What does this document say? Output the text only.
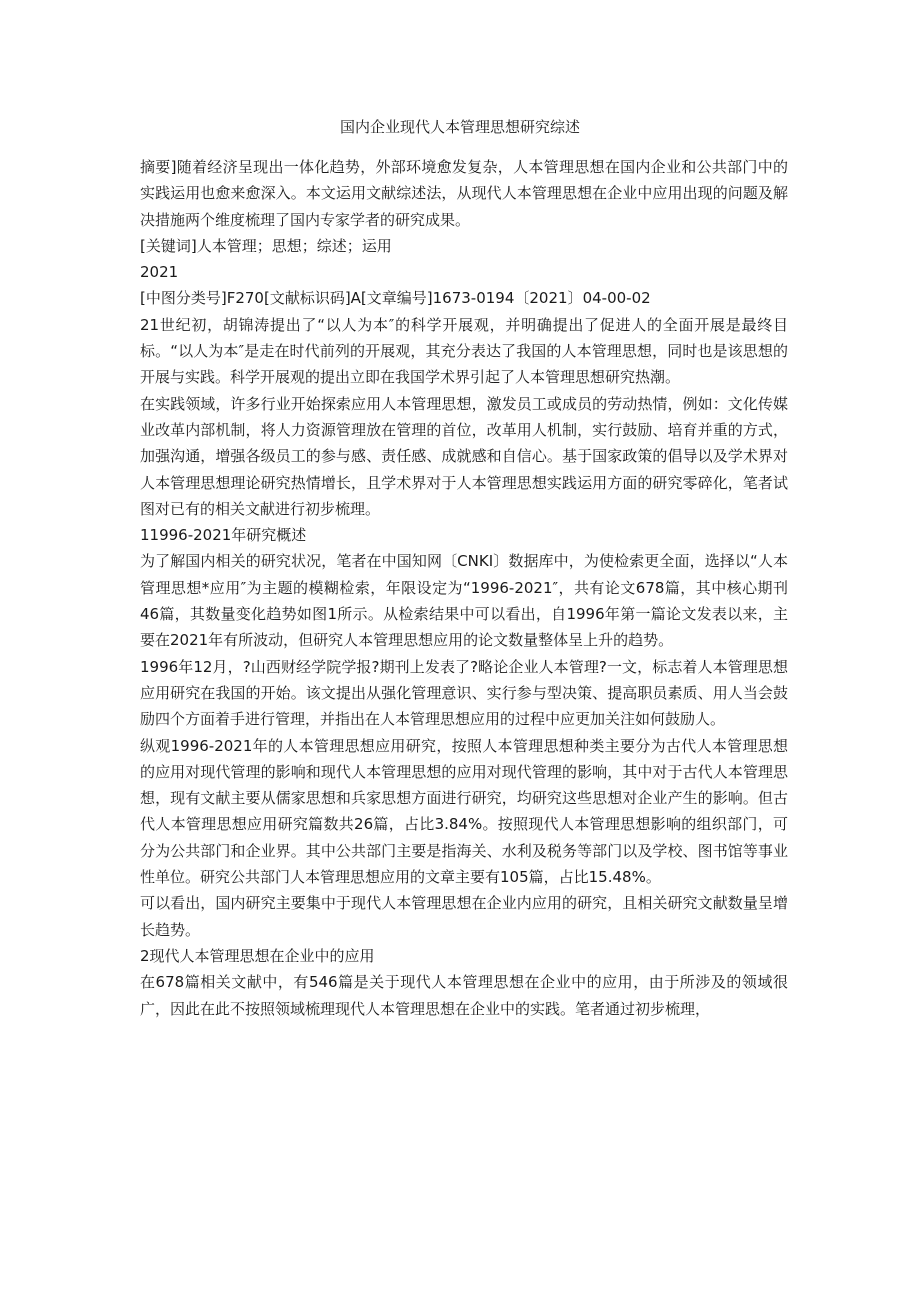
国内企业现代人本管理思想研究综述

摘要]随着经济呈现出一体化趋势，外部环境愈发复杂，人本管理思想在国内企业和公共部门中的实践运用也愈来愈深入。本文运用文献综述法，从现代人本管理思想在企业中应用出现的问题及解决措施两个维度梳理了国内专家学者的研究成果。

[关键词]人本管理；思想；综述；运用

2021

[中图分类号]F270[文献标识码]A[文章编号]1673-0194〔2021〕04-00-02

21世纪初，胡锦涛提出了“以人为本″的科学开展观，并明确提出了促进人的全面开展是最终目标。“以人为本″是走在时代前列的开展观，其充分表达了我国的人本管理思想，同时也是该思想的开展与实践。科学开展观的提出立即在我国学术界引起了人本管理思想研究热潮。

在实践领域，许多行业开始探索应用人本管理思想，激发员工或成员的劳动热情，例如：文化传媒业改革内部机制，将人力资源管理放在管理的首位，改革用人机制，实行鼓励、培育并重的方式，加强沟通，增强各级员工的参与感、责任感、成就感和自信心。基于国家政策的倡导以及学术界对人本管理思想理论研究热情增长，且学术界对于人本管理思想实践运用方面的研究零碎化，笔者试图对已有的相关文献进行初步梳理。

11996-2021年研究概述

为了解国内相关的研究状况，笔者在中国知网〔CNKI〕数据库中，为使检索更全面，选择以“人本管理思想*应用″为主题的模糊检索，年限设定为“1996-2021″，共有论文678篇，其中核心期刊46篇，其数量变化趋势如图1所示。从检索结果中可以看出，自1996年第一篇论文发表以来，主要在2021年有所波动，但研究人本管理思想应用的论文数量整体呈上升的趋势。

1996年12月，?山西财经学院学报?期刊上发表了?略论企业人本管理?一文，标志着人本管理思想应用研究在我国的开始。该文提出从强化管理意识、实行参与型决策、提高职员素质、用人当会鼓励四个方面着手进行管理，并指出在人本管理思想应用的过程中应更加关注如何鼓励人。

纵观1996-2021年的人本管理思想应用研究，按照人本管理思想种类主要分为古代人本管理思想的应用对现代管理的影响和现代人本管理思想的应用对现代管理的影响，其中对于古代人本管理思想，现有文献主要从儒家思想和兵家思想方面进行研究，均研究这些思想对企业产生的影响。但古代人本管理思想应用研究篇数共26篇，占比3.84%。按照现代人本管理思想影响的组织部门，可分为公共部门和企业界。其中公共部门主要是指海关、水利及税务等部门以及学校、图书馆等事业性单位。研究公共部门人本管理思想应用的文章主要有105篇，占比15.48%。

可以看出，国内研究主要集中于现代人本管理思想在企业内应用的研究，且相关研究文献数量呈增长趋势。

2现代人本管理思想在企业中的应用

在678篇相关文献中，有546篇是关于现代人本管理思想在企业中的应用，由于所涉及的领域很广，因此在此不按照领域梳理现代人本管理思想在企业中的实践。笔者通过初步梳理，
